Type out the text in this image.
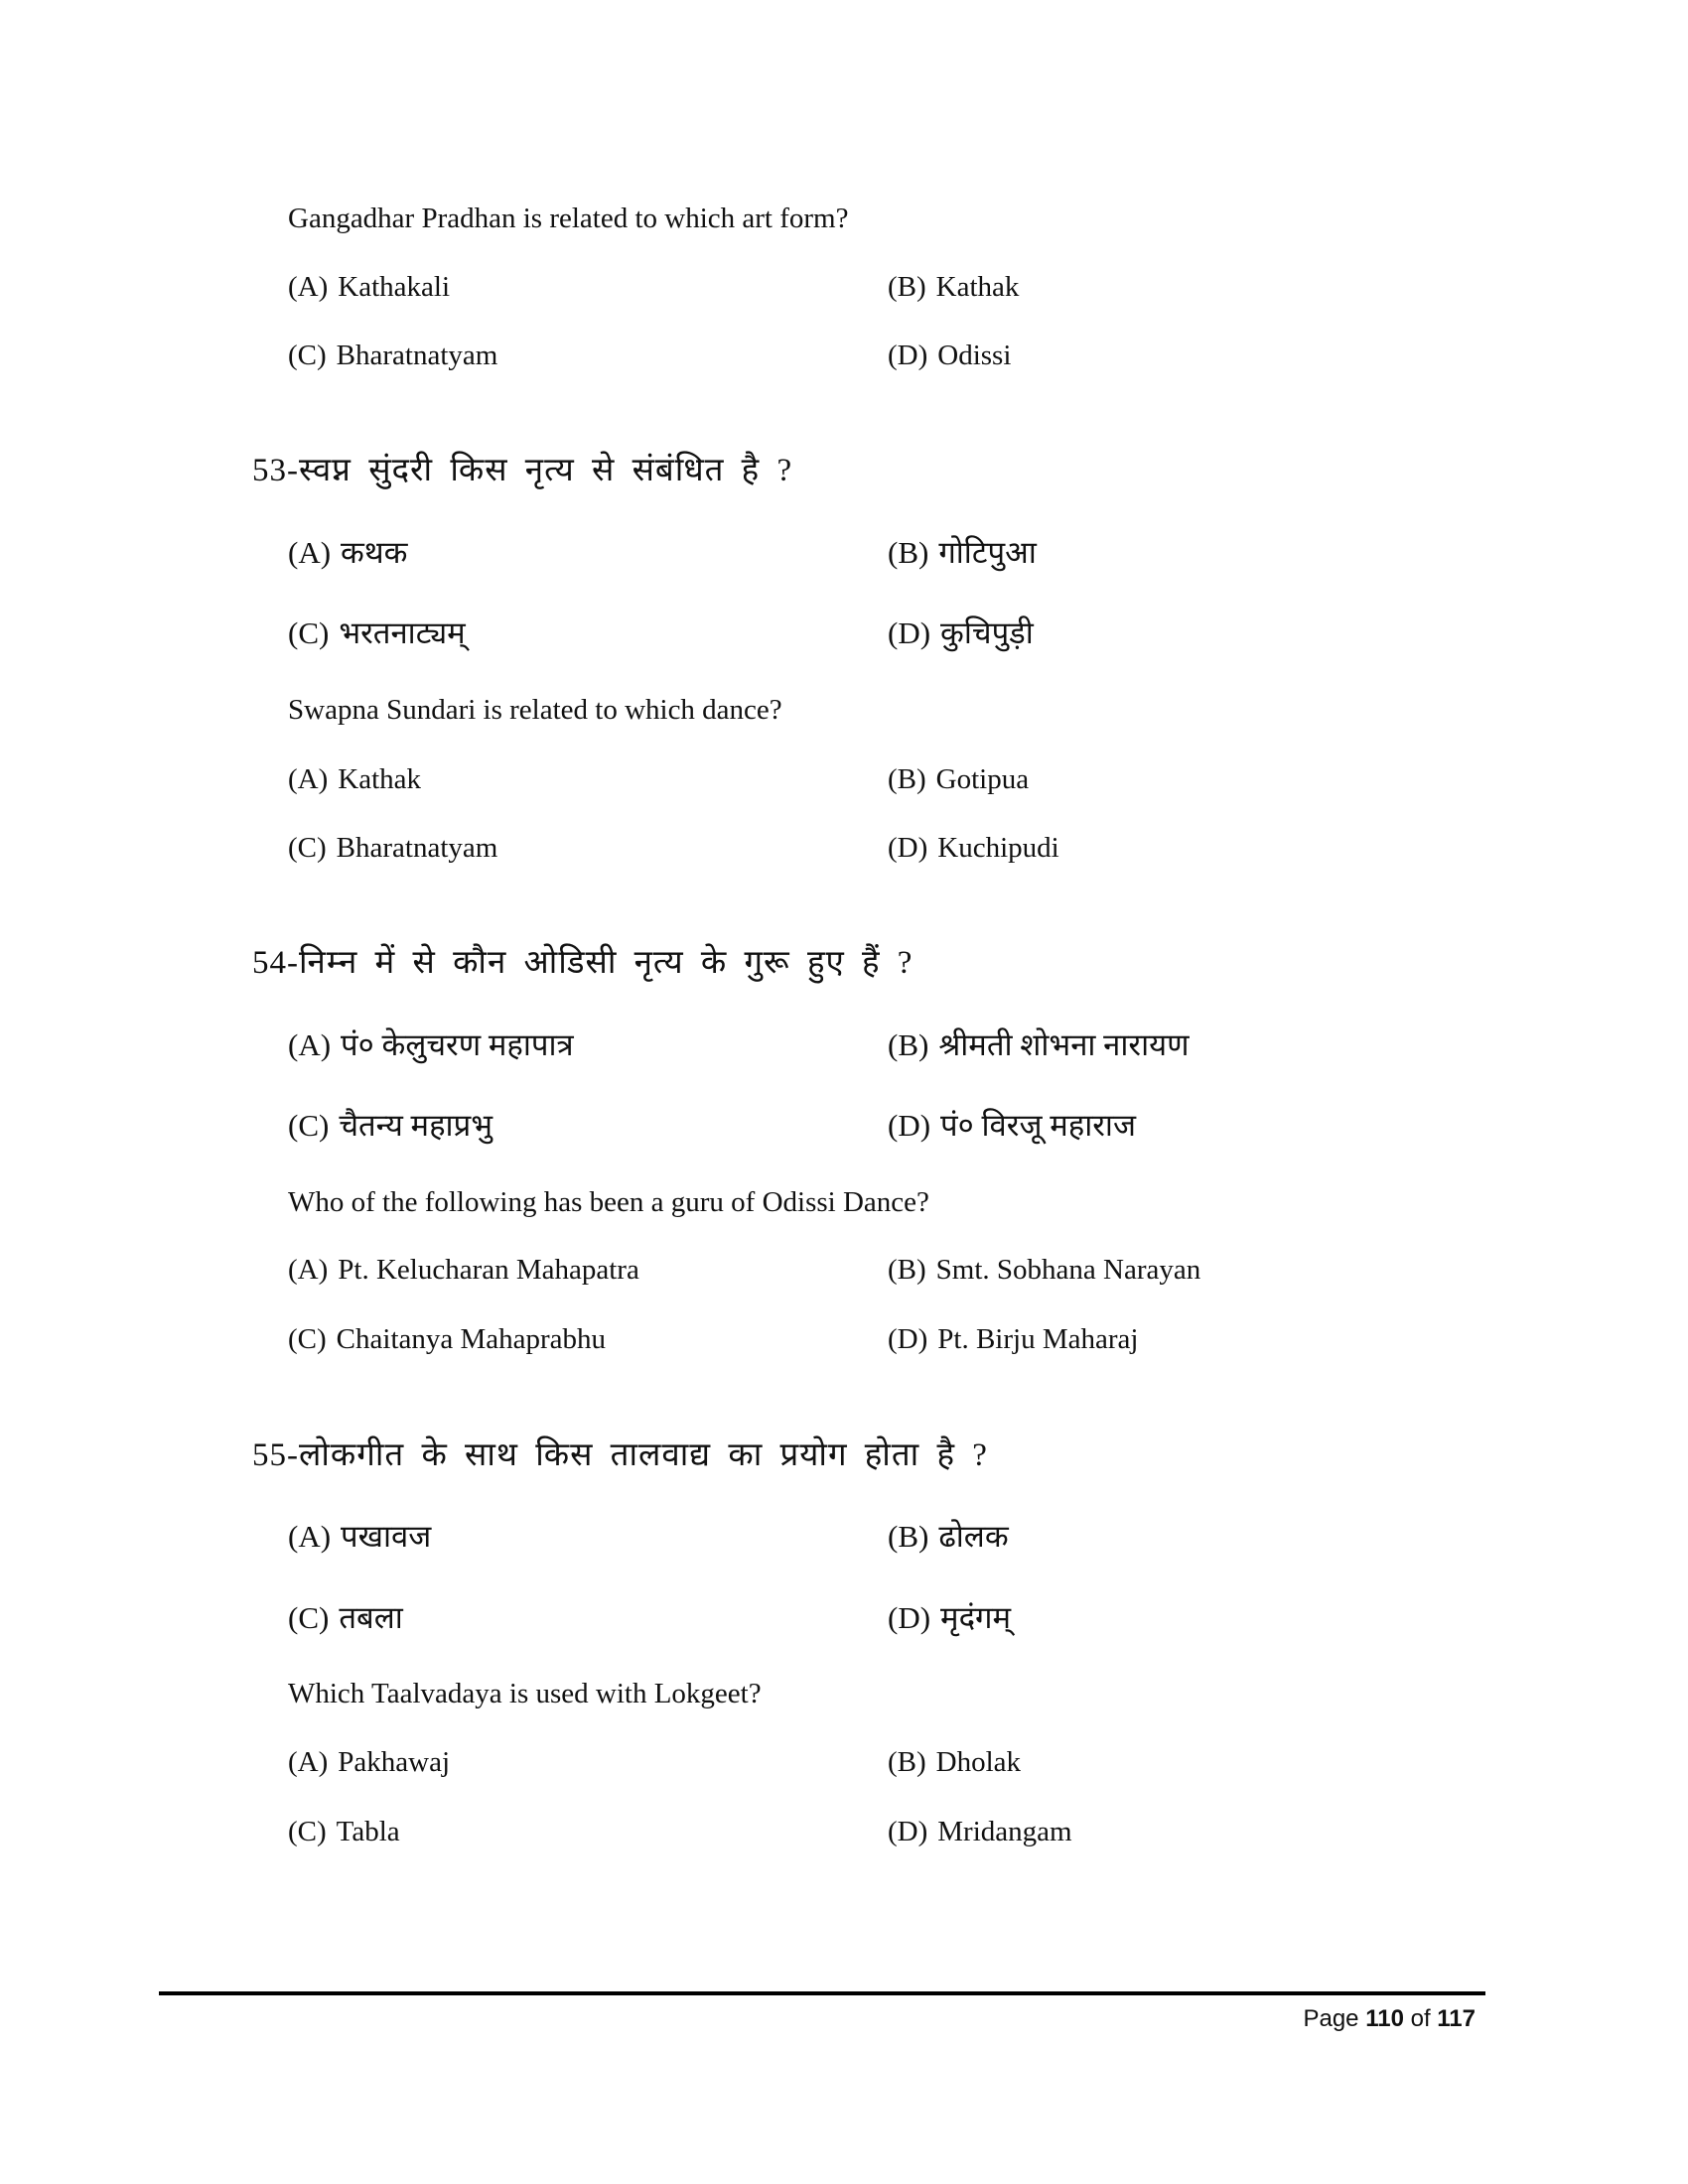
Gangadhar Pradhan is related to which art form?
(A) Kathakali	(B) Kathak
(C) Bharatnatyam	(D) Odissi
53-स्वप्न सुंदरी किस नृत्य से संबंधित है ?
(A) कथक	(B) गोटिपुआ
(C) भरतनाट्यम्	(D) कुचिपुड़ी
Swapna Sundari is related to which dance?
(A) Kathak	(B) Gotipua
(C) Bharatnatyam	(D) Kuchipudi
54-निम्न में से कौन ओडिसी नृत्य के गुरू हुए हैं ?
(A) पं० केलुचरण महापात्र	(B) श्रीमती शोभना नारायण
(C) चैतन्य महाप्रभु	(D) पं० विरजू महाराज
Who of the following has been a guru of Odissi Dance?
(A) Pt. Kelucharan Mahapatra	(B) Smt. Sobhana Narayan
(C) Chaitanya Mahaprabhu	(D) Pt. Birju Maharaj
55-लोकगीत के साथ किस तालवाद्य का प्रयोग होता है ?
(A) पखावज	(B) ढोलक
(C) तबला	(D) मृदंगम्
Which Taalvadaya is used with Lokgeet?
(A) Pakhawaj	(B) Dholak
(C) Tabla	(D) Mridangam
Page 110 of 117
